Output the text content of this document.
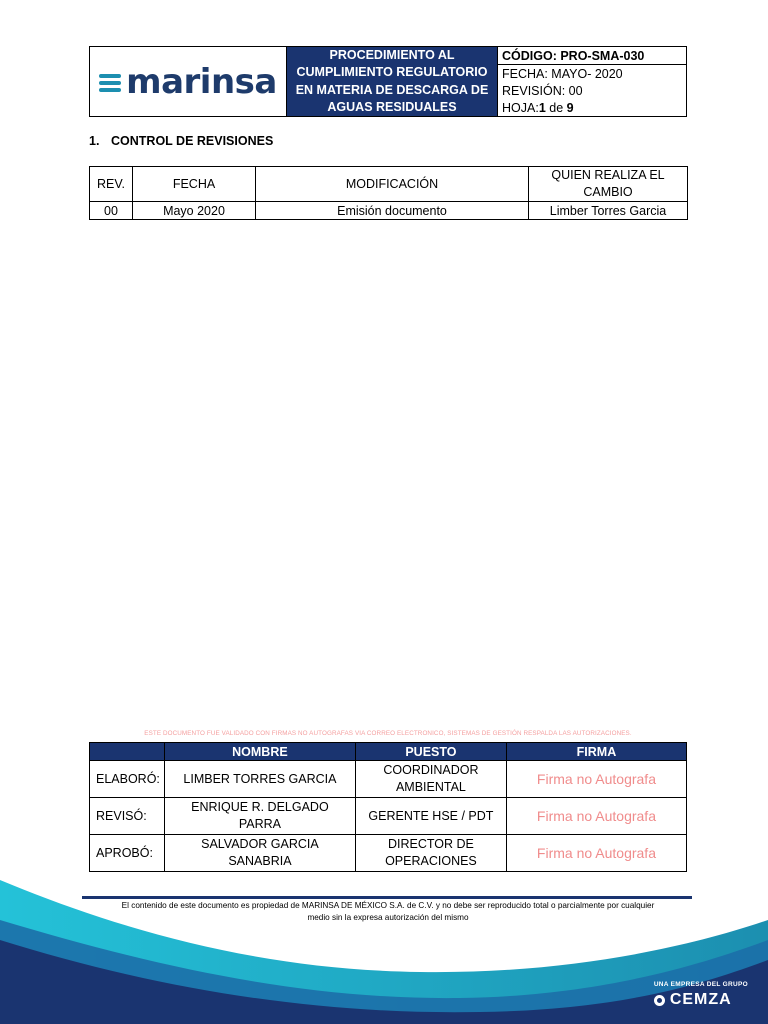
marinsa
PROCEDIMIENTO AL
CUMPLIMIENTO REGULATORIO
EN MATERIA DE DESCARGA DE
AGUAS RESIDUALES
CÓDIGO: PRO-SMA-030
FECHA: MAYO- 2020
REVISIÓN: 00
HOJA: 1 de 9
1. CONTROL DE REVISIONES
REV.	FECHA	MODIFICACIÓN	QUIEN REALIZA EL CAMBIO
00	Mayo 2020	Emisión documento	Limber Torres Garcia
ESTE DOCUMENTO FUE VALIDADO CON FIRMAS NO AUTOGRAFAS VIA CORREO ELECTRONICO, SISTEMAS DE GESTIÓN RESPALDA LAS AUTORIZACIONES.
	NOMBRE	PUESTO	FIRMA
ELABORÓ:	LIMBER TORRES GARCIA	COORDINADOR AMBIENTAL	Firma no Autografa
REVISÓ:	ENRIQUE R. DELGADO PARRA	GERENTE HSE / PDT	Firma no Autografa
APROBÓ:	SALVADOR GARCIA SANABRIA	DIRECTOR DE OPERACIONES	Firma no Autografa
El contenido de este documento es propiedad de MARINSA DE MÉXICO S.A. de C.V. y no debe ser reproducido total o parcialmente por cualquier
medio sin la expresa autorización del mismo
UNA EMPRESA DEL GRUPO
CEMZA
